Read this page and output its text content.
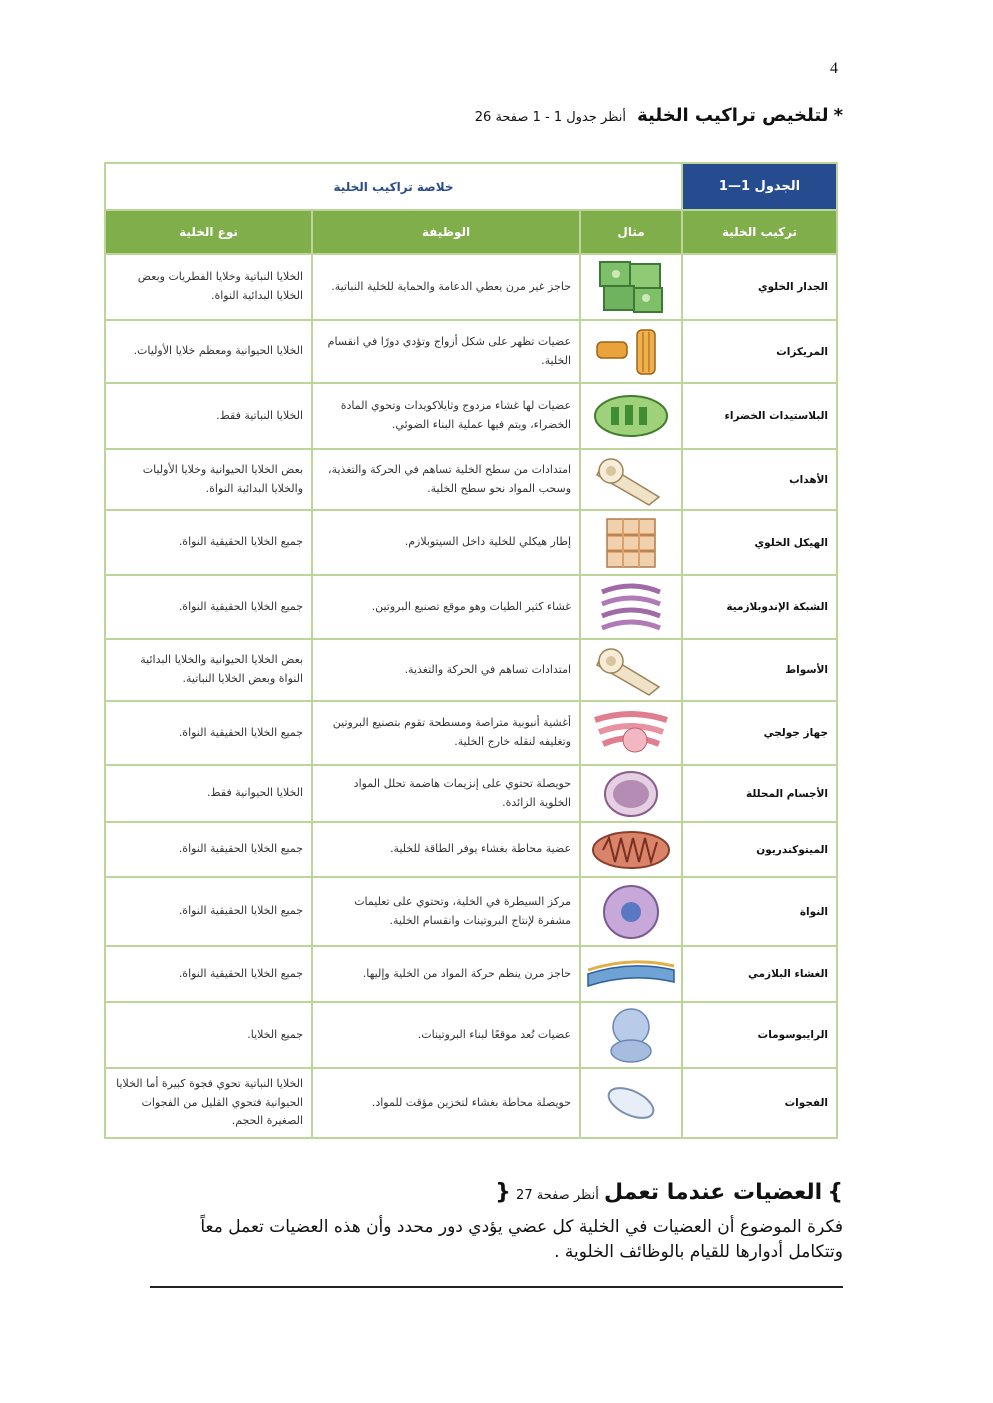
4
* لتلخيص تراكيب الخلية أنظر جدول 1 - 1 صفحة 26
الجدول 1—1	خلاصة تراكيب الخلية		
تركيب الخلية	مثال	الوظيفة	نوع الخلية
الجدار الخلوي		حاجز غير مرن يعطي الدعامة والحماية للخلية النباتية.	الخلايا النباتية وخلايا الفطريات وبعض الخلايا البدائية النواة.
المريكزات		عضيات تظهر على شكل أزواج وتؤدي دورًا في انقسام الخلية.	الخلايا الحيوانية ومعظم خلايا الأوليات.
البلاستيدات الخضراء		عضيات لها غشاء مزدوج وثايلاكويدات وتحوي المادة الخضراء، ويتم فيها عملية البناء الضوئي.	الخلايا النباتية فقط.
الأهداب		امتدادات من سطح الخلية تساهم في الحركة والتغذية، وسحب المواد نحو سطح الخلية.	بعض الخلايا الحيوانية وخلايا الأوليات والخلايا البدائية النواة.
الهيكل الخلوي		إطار هيكلي للخلية داخل السيتوبلازم.	جميع الخلايا الحقيقية النواة.
الشبكة الإندوبلازمية		غشاء كثير الطيات وهو موقع تصنيع البروتين.	جميع الخلايا الحقيقية النواة.
الأسواط		امتدادات تساهم في الحركة والتغذية.	بعض الخلايا الحيوانية والخلايا البدائية النواة وبعض الخلايا النباتية.
جهاز جولجي		أغشية أنبوبية متراصة ومسطحة تقوم بتصنيع البروتين وتغليفه لنقله خارج الخلية.	جميع الخلايا الحقيقية النواة.
الأجسام المحللة		حويصلة تحتوي على إنزيمات هاضمة تحلل المواد الخلوية الزائدة.	الخلايا الحيوانية فقط.
الميتوكندريون		عضية محاطة بغشاء يوفر الطاقة للخلية.	جميع الخلايا الحقيقية النواة.
النواة		مركز السيطرة في الخلية، وتحتوي على تعليمات مشفرة لإنتاج البروتينات وانقسام الخلية.	جميع الخلايا الحقيقية النواة.
الغشاء البلازمي		حاجز مرن ينظم حركة المواد من الخلية وإليها.	جميع الخلايا الحقيقية النواة.
الرايبوسومات		عضيات تُعد موقعًا لبناء البروتينات.	جميع الخلايا.
الفجوات		حويصلة محاطة بغشاء لتخزين مؤقت للمواد.	الخلايا النباتية تحوي فجوة كبيرة أما الخلايا الحيوانية فتحوي القليل من الفجوات الصغيرة الحجم.
} العضيات عندما تعمل أنظر صفحة 27 {
فكرة الموضوع أن العضيات في الخلية كل عضي يؤدي دور محدد وأن هذه العضيات تعمل معاً وتتكامل أدوارها للقيام بالوظائف الخلوية .
